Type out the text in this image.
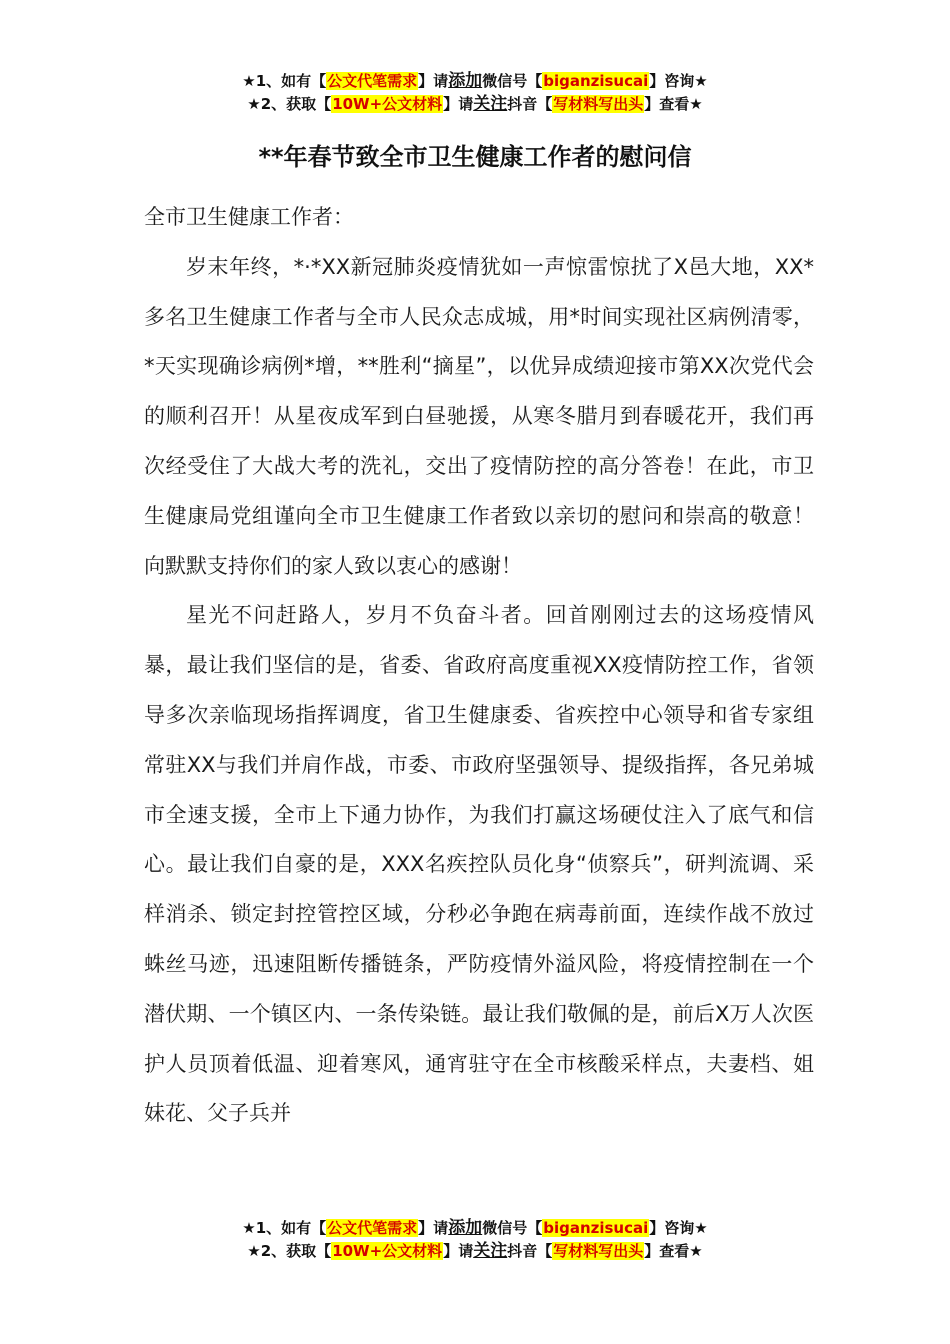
★1、如有【公文代笔需求】请添加微信号【biganzisucai】咨询★
★2、获取【10W+公文材料】请关注抖音【写材料写出头】查看★
**年春节致全市卫生健康工作者的慰问信

全市卫生健康工作者：

岁末年终，*·*XX新冠肺炎疫情犹如一声惊雷惊扰了X邑大地，XX*多名卫生健康工作者与全市人民众志成城，用*时间实现社区病例清零，*天实现确诊病例*增，**胜利“摘星”，以优异成绩迎接市第XX次党代会的顺利召开！从星夜成军到白昼驰援，从寒冬腊月到春暖花开，我们再次经受住了大战大考的洗礼，交出了疫情防控的高分答卷！在此，市卫生健康局党组谨向全市卫生健康工作者致以亲切的慰问和崇高的敬意！向默默支持你们的家人致以衷心的感谢！

星光不问赶路人，岁月不负奋斗者。回首刚刚过去的这场疫情风暴，最让我们坚信的是，省委、省政府高度重视XX疫情防控工作，省领导多次亲临现场指挥调度，省卫生健康委、省疾控中心领导和省专家组常驻XX与我们并肩作战，市委、市政府坚强领导、提级指挥，各兄弟城市全速支援，全市上下通力协作，为我们打赢这场硬仗注入了底气和信心。最让我们自豪的是，XXX名疾控队员化身“侦察兵”，研判流调、采样消杀、锁定封控管控区域，分秒必争跑在病毒前面，连续作战不放过蛛丝马迹，迅速阻断传播链条，严防疫情外溢风险，将疫情控制在一个潜伏期、一个镇区内、一条传染链。最让我们敬佩的是，前后X万人次医护人员顶着低温、迎着寒风，通宵驻守在全市核酸采样点，夫妻档、姐妹花、父子兵并

★1、如有【公文代笔需求】请添加微信号【biganzisucai】咨询★
★2、获取【10W+公文材料】请关注抖音【写材料写出头】查看★
